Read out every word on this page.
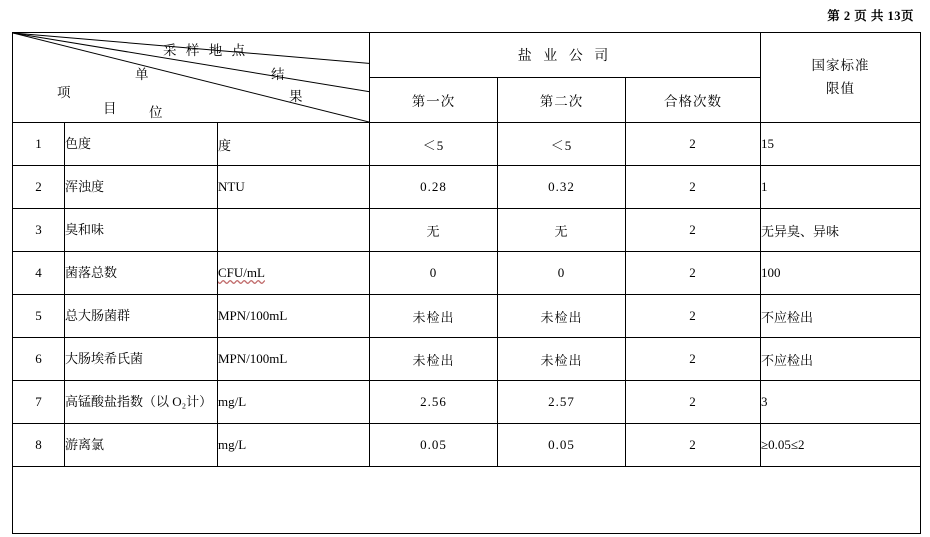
第 2 页 共 13页
采 样 地 点
单	结
项
目 位
果
	盐 业 公 司	
国家标准
限值

			第一次	第二次	合格次数	
1	色度	度	＜5	＜5	2	15
2	浑浊度	NTU	0.28	0.32	2	1
3	臭和味		无	无	2	无异臭、异味
4	菌落总数	CFU/mL	0	0	2	100
5	总大肠菌群	MPN/100mL	未检出	未检出	2	不应检出
6	大肠埃希氏菌	MPN/100mL	未检出	未检出	2	不应检出
7	高锰酸盐指数（以 O₂计）	mg/L	2.56	2.57	2	3
8	游离氯	mg/L	0.05	0.05	2	≥0.05≤2
